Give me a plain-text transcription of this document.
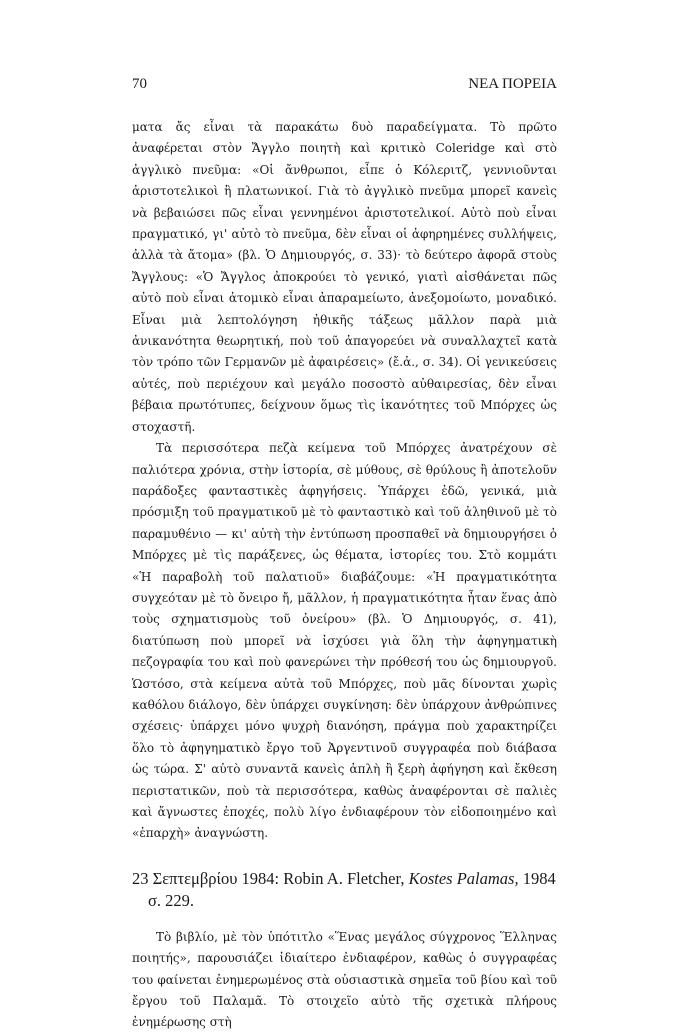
70	ΝΕΑ ΠΟΡΕΙΑ

ματα ἄς εἶναι τὰ παρακάτω δυὸ παραδείγματα. Τὸ πρῶτο ἀναφέρεται στὸν Ἄγγλο ποιητὴ καὶ κριτικὸ Coleridge καὶ στὸ ἀγγλικὸ πνεῦμα: «Οἱ ἄνθρωποι, εἶπε ὁ Κόλεριτζ, γεννιοῦνται ἀριστοτελικοὶ ἢ πλατωνικοί. Γιὰ τὸ ἀγγλικὸ πνεῦμα μπορεῖ κανεὶς νὰ βεβαιώσει πῶς εἶναι γεννημένοι ἀριστοτελικοί. Αὐτὸ ποὺ εἶναι πραγματικό, γι' αὐτὸ τὸ πνεῦμα, δὲν εἶναι οἱ ἀφηρημένες συλλήψεις, ἀλλὰ τὰ ἄτομα» (βλ. Ὁ Δημιουργός, σ. 33)· τὸ δεύτερο ἀφορᾶ στοὺς Ἄγγλους: «Ὁ Ἄγγλος ἀποκρούει τὸ γενικό, γιατὶ αἰσθάνεται πῶς αὐτὸ ποὺ εἶναι ἀτομικὸ εἶναι ἀπαραμείωτο, ἀνεξομοίωτο, μοναδικό. Εἶναι μιὰ λεπτολόγηση ἠθικῆς τάξεως μᾶλλον παρὰ μιὰ ἀνικανότητα θεωρητική, ποὺ τοῦ ἀπαγορεύει νὰ συναλλαχτεῖ κατὰ τὸν τρόπο τῶν Γερμανῶν μὲ ἀφαιρέσεις» (ἔ.ἀ., σ. 34). Οἱ γενικεύσεις αὐτές, ποὺ περιέχουν καὶ μεγάλο ποσοστὸ αὐθαιρεσίας, δὲν εἶναι βέβαια πρωτότυπες, δείχνουν ὅμως τὶς ἱκανότητες τοῦ Μπόρχες ὡς στοχαστῆ.

Τὰ περισσότερα πεζὰ κείμενα τοῦ Μπόρχες ἀνατρέχουν σὲ παλιότερα χρόνια, στὴν ἱστορία, σὲ μύθους, σὲ θρύλους ἢ ἀποτελοῦν παράδοξες φανταστικὲς ἀφηγήσεις. Ὑπάρχει ἐδῶ, γενικά, μιὰ πρόσμιξη τοῦ πραγματικοῦ μὲ τὸ φανταστικὸ καὶ τοῦ ἀληθινοῦ μὲ τὸ παραμυθένιο — κι' αὐτὴ τὴν ἐντύπωση προσπαθεῖ νὰ δημιουργήσει ὁ Μπόρχες μὲ τὶς παράξενες, ὡς θέματα, ἱστορίες του. Στὸ κομμάτι «Ἡ παραβολὴ τοῦ παλατιοῦ» διαβάζουμε: «Ἡ πραγματικότητα συγχεόταν μὲ τὸ ὄνειρο ἤ, μᾶλλον, ἡ πραγματικότητα ἦταν ἕνας ἀπὸ τοὺς σχηματισμοὺς τοῦ ὀνείρου» (βλ. Ὁ Δημιουργός, σ. 41), διατύπωση ποὺ μπορεῖ νὰ ἰσχύσει γιὰ ὅλη τὴν ἀφηγηματικὴ πεζογραφία του καὶ ποὺ φανερώνει τὴν πρόθεσή του ὡς δημιουργοῦ. Ὡστόσο, στὰ κείμενα αὐτὰ τοῦ Μπόρχες, ποὺ μᾶς δίνονται χωρὶς καθόλου διάλογο, δὲν ὑπάρχει συγκίνηση: δὲν ὑπάρχουν ἀνθρώπινες σχέσεις· ὑπάρχει μόνο ψυχρὴ διανόηση, πράγμα ποὺ χαρακτηρίζει ὅλο τὸ ἀφηγηματικὸ ἔργο τοῦ Ἀργεντινοῦ συγγραφέα ποὺ διάβασα ὡς τώρα. Σ' αὐτὸ συναντᾶ κανεὶς ἁπλὴ ἢ ξερὴ ἀφήγηση καὶ ἔκθεση περιστατικῶν, ποὺ τὰ περισσότερα, καθὼς ἀναφέρονται σὲ παλιὲς καὶ ἄγνωστες ἐποχές, πολὺ λίγο ἐνδιαφέρουν τὸν εἰδοποιημένο καὶ «ἐπαρχὴ» ἀναγνώστη.

23 Σεπτεμβρίου 1984: Robin A. Fletcher, Kostes Palamas, 1984
σ. 229.

Τὸ βιβλίο, μὲ τὸν ὑπότιτλο «Ἕνας μεγάλος σύγχρονος Ἕλληνας ποιητής», παρουσιάζει ἰδιαίτερο ἐνδιαφέρον, καθὼς ὁ συγγραφέας του φαίνεται ἐνημερωμένος στὰ οὐσιαστικὰ σημεῖα τοῦ βίου καὶ τοῦ ἔργου τοῦ Παλαμᾶ. Τὸ στοιχεῖο αὐτὸ τῆς σχετικὰ πλήρους ἐνημέρωσης στὴ
